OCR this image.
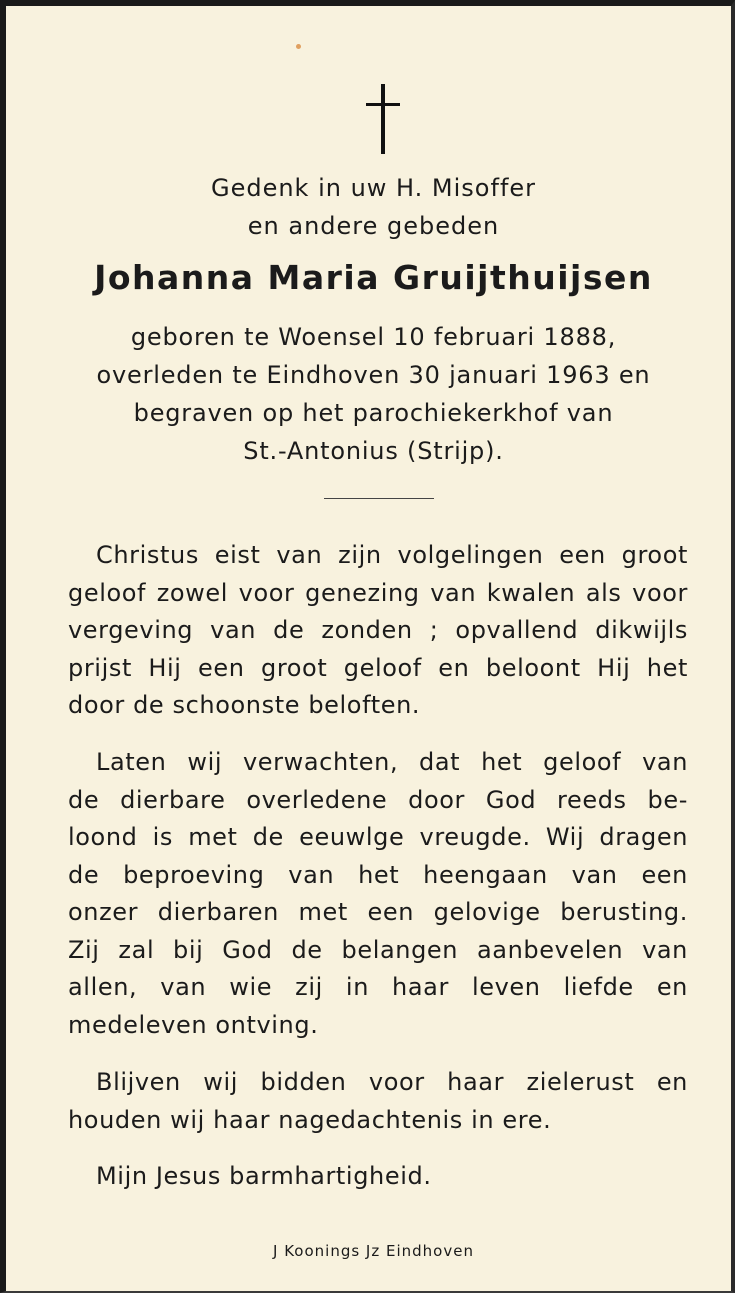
Gedenk in uw H. Misoffer
en andere gebeden
Johanna Maria Gruijthuijsen
geboren te Woensel 10 februari 1888,
overleden te Eindhoven 30 januari 1963 en
begraven op het parochiekerkhof van
St.-Antonius (Strijp).
Christus eist van zijn volgelingen een groot
geloof zowel voor genezing van kwalen als voor
vergeving van de zonden ; opvallend dikwijls
prijst Hij een groot geloof en beloont Hij het
door de schoonste beloften.
Laten wij verwachten, dat het geloof van
de dierbare overledene door God reeds be-
loond is met de eeuwlge vreugde. Wij dragen
de beproeving van het heengaan van een
onzer dierbaren met een gelovige berusting.
Zij zal bij God de belangen aanbevelen van
allen, van wie zij in haar leven liefde en
medeleven ontving.
Blijven wij bidden voor haar zielerust en
houden wij haar nagedachtenis in ere.
Mijn Jesus barmhartigheid.
J Koonings Jz Eindhoven
